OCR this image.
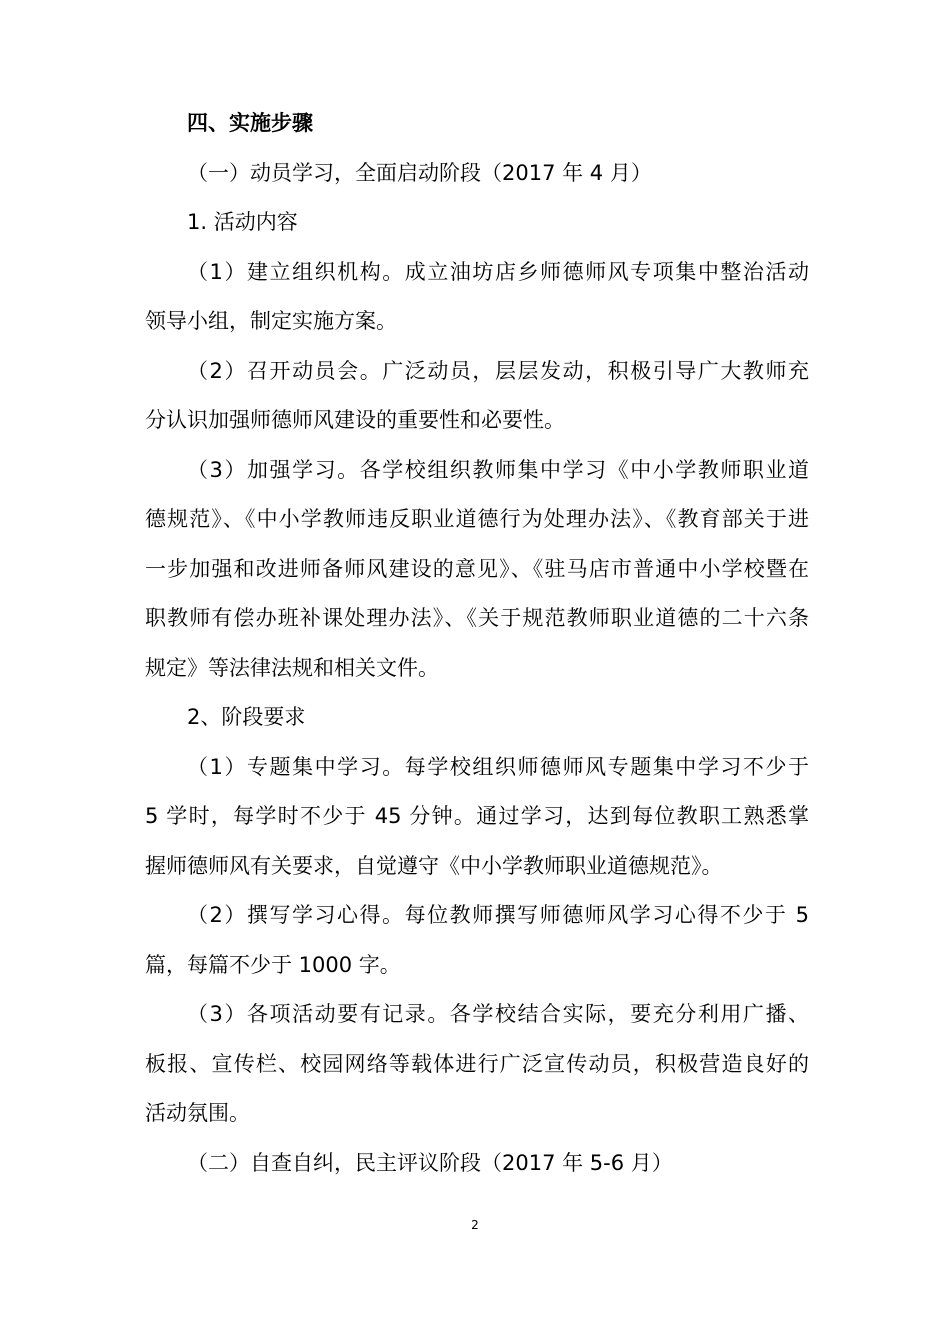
四、实施步骤
（一）动员学习，全面启动阶段（2017 年 4 月）
1. 活动内容
（1）建立组织机构。成立油坊店乡师德师风专项集中整治活动
领导小组，制定实施方案。
（2）召开动员会。广泛动员，层层发动，积极引导广大教师充
分认识加强师德师风建设的重要性和必要性。
（3）加强学习。各学校组织教师集中学习《中小学教师职业道
德规范》、《中小学教师违反职业道德行为处理办法》、《教育部关于进
一步加强和改进师备师风建设的意见》、《驻马店市普通中小学校暨在
职教师有偿办班补课处理办法》、《关于规范教师职业道德的二十六条
规定》等法律法规和相关文件。
2、阶段要求
（1）专题集中学习。每学校组织师德师风专题集中学习不少于
5 学时，每学时不少于 45 分钟。通过学习，达到每位教职工熟悉掌
握师德师风有关要求，自觉遵守《中小学教师职业道德规范》。
（2）撰写学习心得。每位教师撰写师德师风学习心得不少于 5
篇，每篇不少于 1000 字。
（3）各项活动要有记录。各学校结合实际，要充分利用广播、
板报、宣传栏、校园网络等载体进行广泛宣传动员，积极营造良好的
活动氛围。
（二）自查自纠，民主评议阶段（2017 年 5-6 月）
2
